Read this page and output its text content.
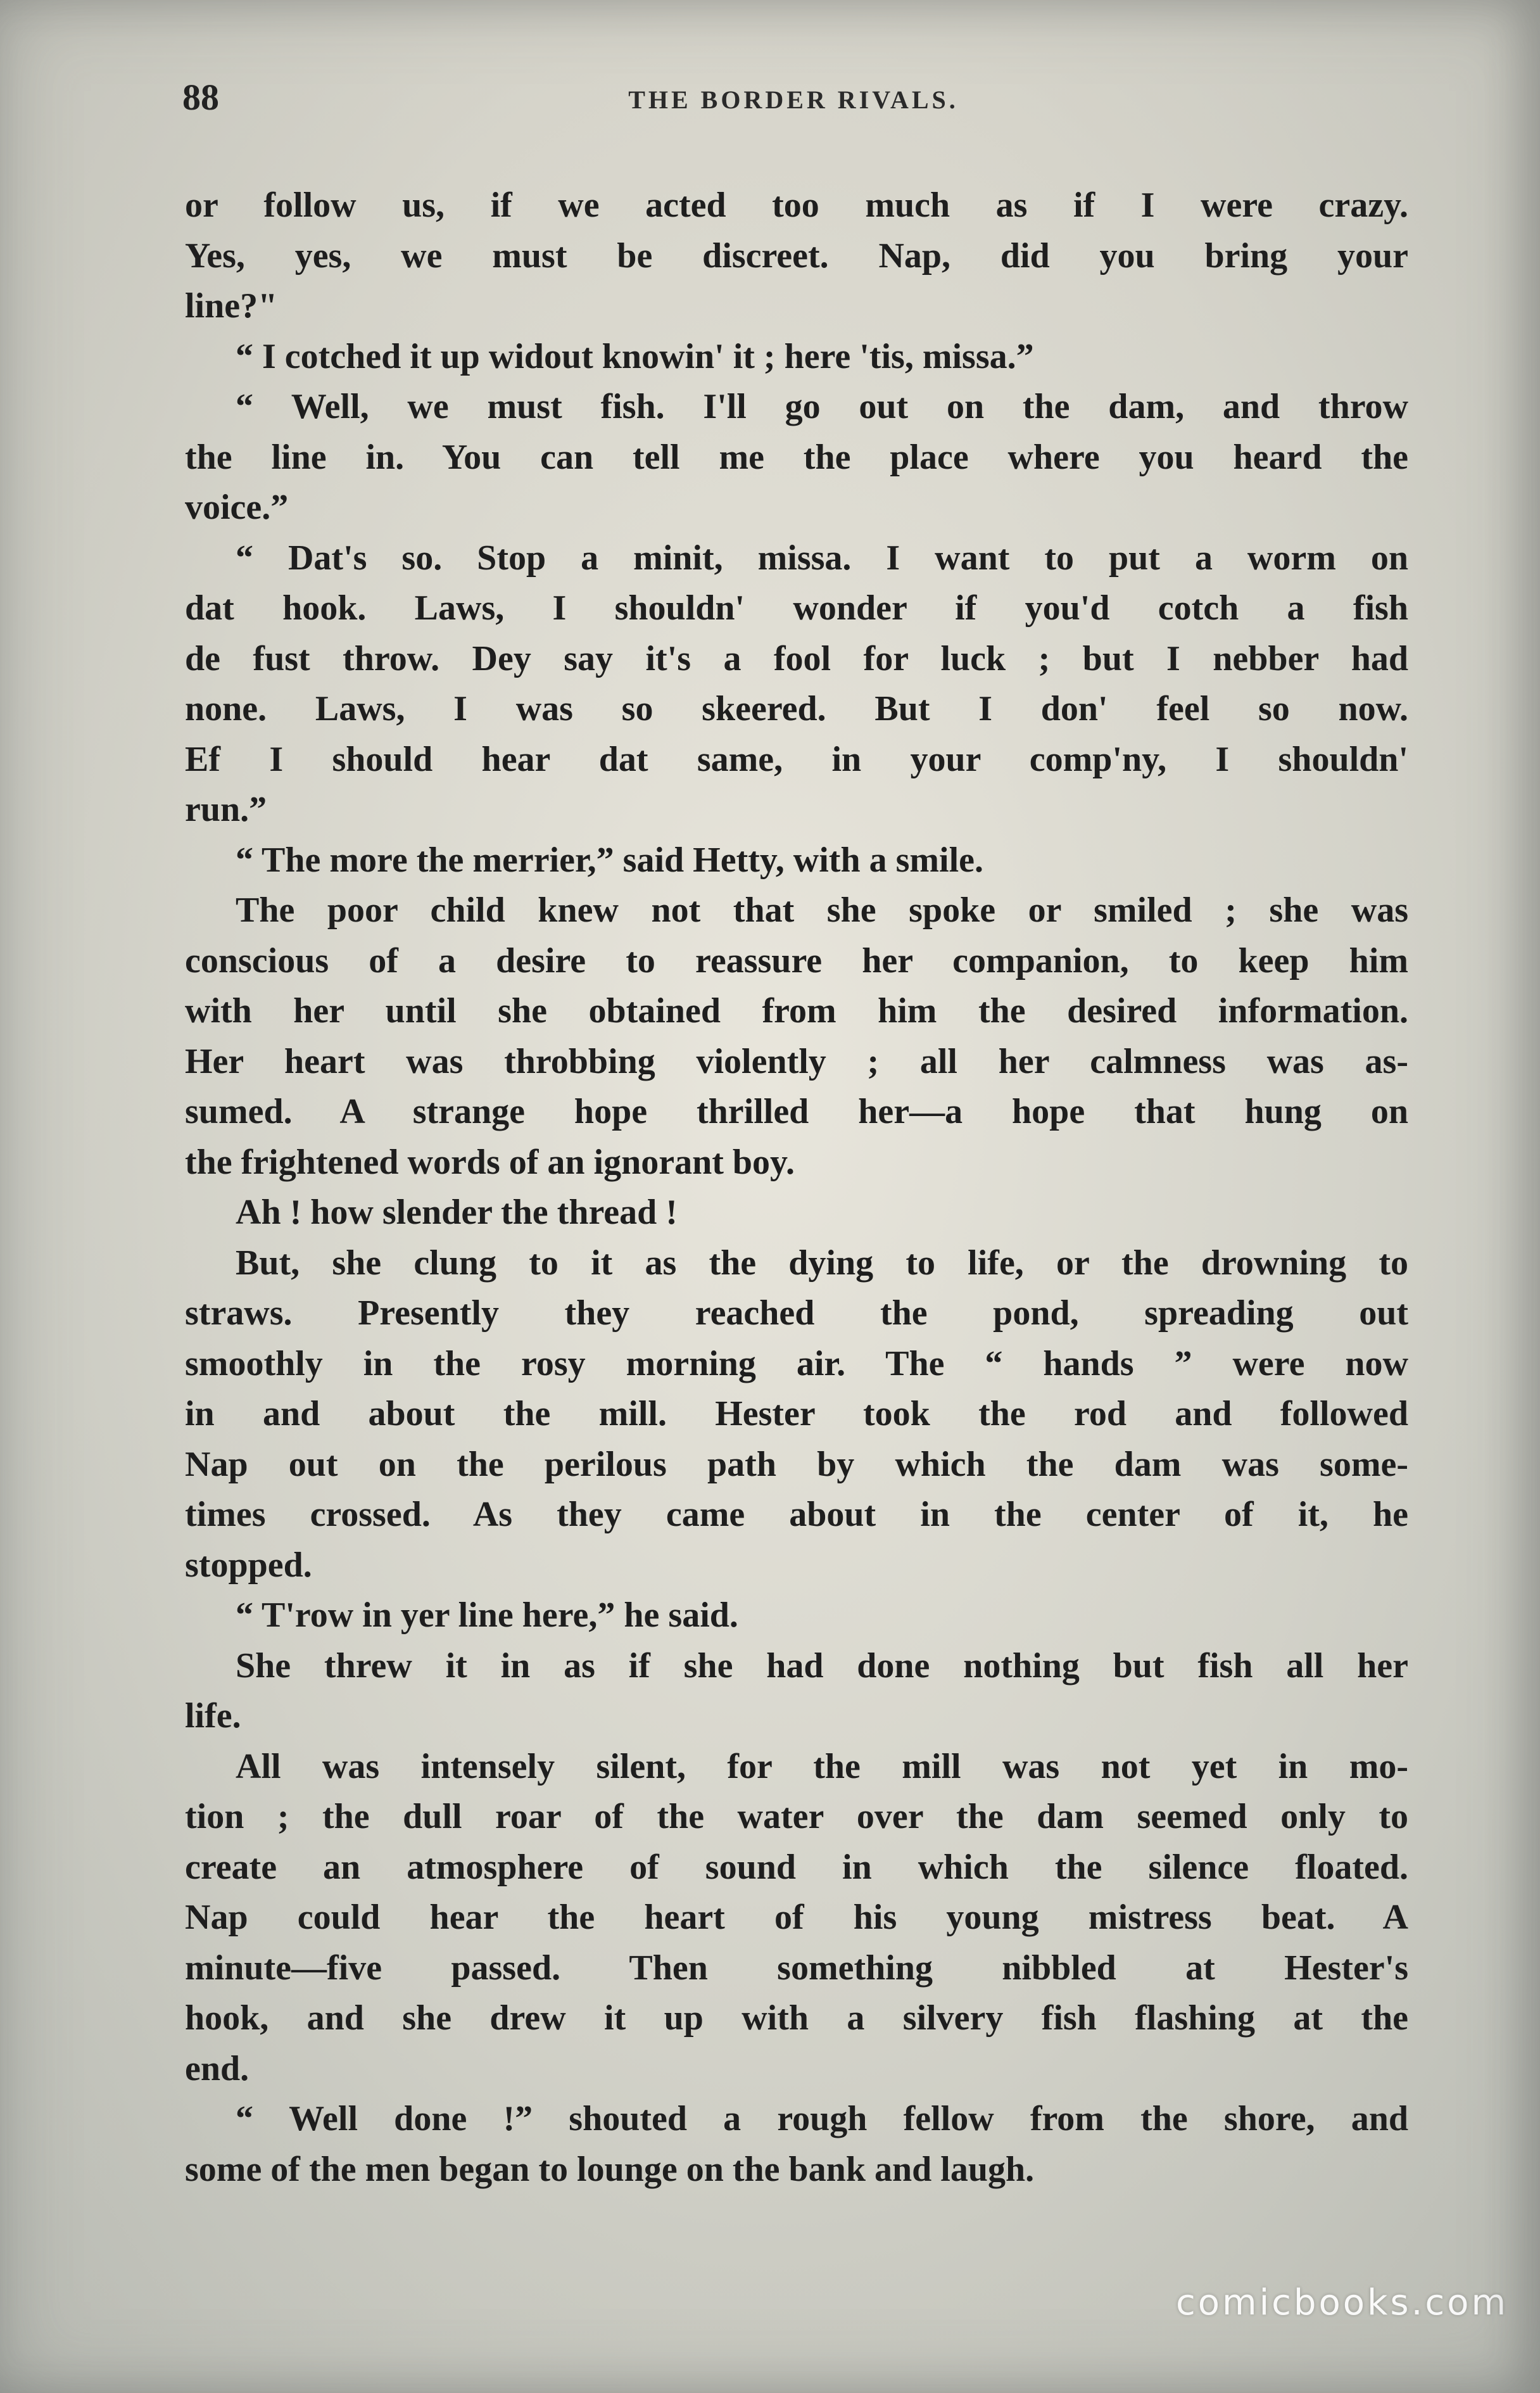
88	THE BORDER RIVALS.
or follow us, if we acted too much as if I were crazy.
Yes, yes, we must be discreet. Nap, did you bring your
line?"
“ I cotched it up widout knowin' it ; here 'tis, missa.”
“ Well, we must fish. I'll go out on the dam, and throw
the line in. You can tell me the place where you heard the
voice.”
“ Dat's so. Stop a minit, missa. I want to put a worm on
dat hook. Laws, I shouldn' wonder if you'd cotch a fish
de fust throw. Dey say it's a fool for luck ; but I nebber had
none. Laws, I was so skeered. But I don' feel so now.
Ef I should hear dat same, in your comp'ny, I shouldn'
run.”
“ The more the merrier,” said Hetty, with a smile.
The poor child knew not that she spoke or smiled ; she was
conscious of a desire to reassure her companion, to keep him
with her until she obtained from him the desired information.
Her heart was throbbing violently ; all her calmness was as-
sumed. A strange hope thrilled her—a hope that hung on
the frightened words of an ignorant boy.
Ah ! how slender the thread !
But, she clung to it as the dying to life, or the drowning to
straws. Presently they reached the pond, spreading out
smoothly in the rosy morning air. The “ hands ” were now
in and about the mill. Hester took the rod and followed
Nap out on the perilous path by which the dam was some-
times crossed. As they came about in the center of it, he
stopped.
“ T'row in yer line here,” he said.
She threw it in as if she had done nothing but fish all her
life.
All was intensely silent, for the mill was not yet in mo-
tion ; the dull roar of the water over the dam seemed only to
create an atmosphere of sound in which the silence floated.
Nap could hear the heart of his young mistress beat. A
minute—five passed. Then something nibbled at Hester's
hook, and she drew it up with a silvery fish flashing at the
end.
“ Well done !” shouted a rough fellow from the shore, and
some of the men began to lounge on the bank and laugh.
comicbooks.com
